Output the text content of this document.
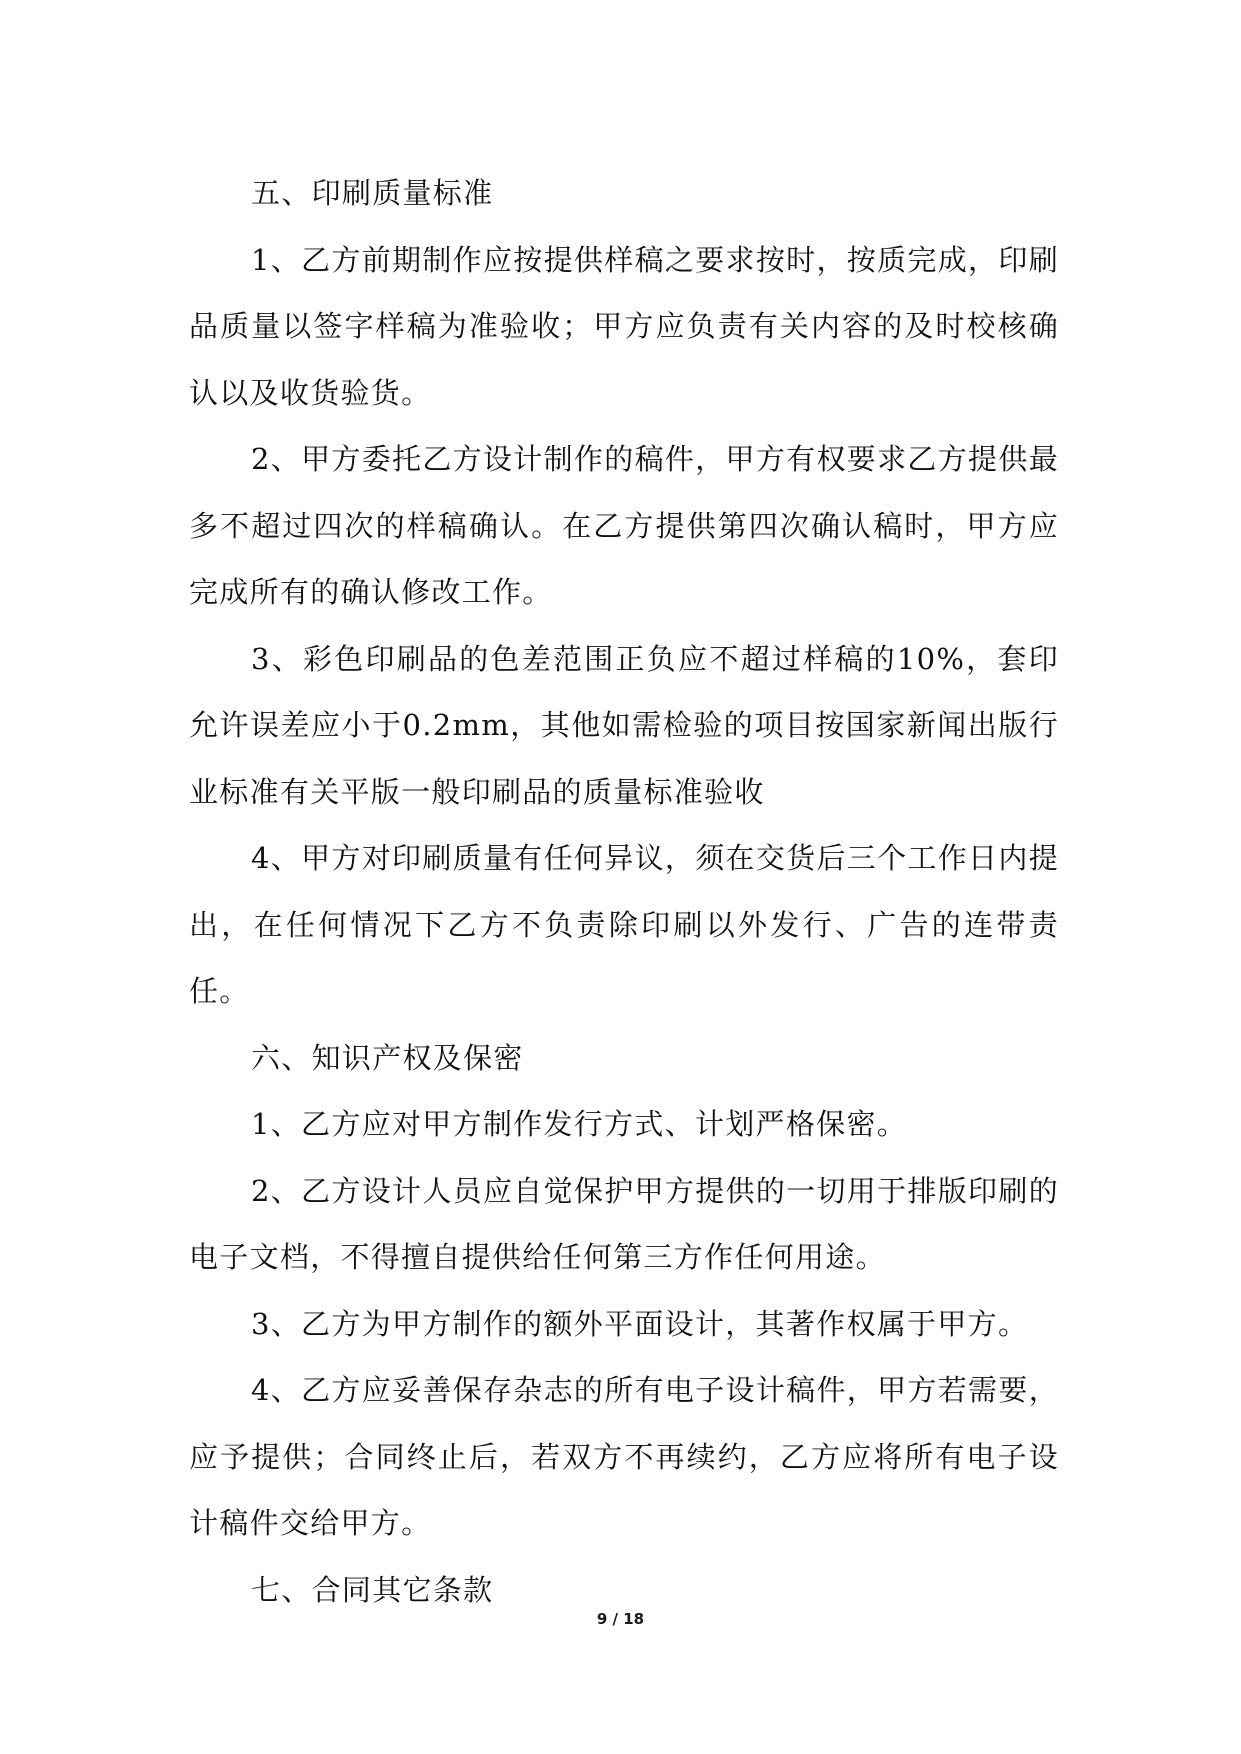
五、印刷质量标准

1、乙方前期制作应按提供样稿之要求按时，按质完成，印刷品质量以签字样稿为准验收；甲方应负责有关内容的及时校核确认以及收货验货。

2、甲方委托乙方设计制作的稿件，甲方有权要求乙方提供最多不超过四次的样稿确认。在乙方提供第四次确认稿时，甲方应完成所有的确认修改工作。

3、彩色印刷品的色差范围正负应不超过样稿的10%，套印允许误差应小于0.2mm，其他如需检验的项目按国家新闻出版行业标准有关平版一般印刷品的质量标准验收

4、甲方对印刷质量有任何异议，须在交货后三个工作日内提出，在任何情况下乙方不负责除印刷以外发行、广告的连带责任。

六、知识产权及保密

1、乙方应对甲方制作发行方式、计划严格保密。

2、乙方设计人员应自觉保护甲方提供的一切用于排版印刷的电子文档，不得擅自提供给任何第三方作任何用途。

3、乙方为甲方制作的额外平面设计，其著作权属于甲方。

4、乙方应妥善保存杂志的所有电子设计稿件，甲方若需要，应予提供；合同终止后，若双方不再续约，乙方应将所有电子设计稿件交给甲方。

七、合同其它条款

9 / 18
